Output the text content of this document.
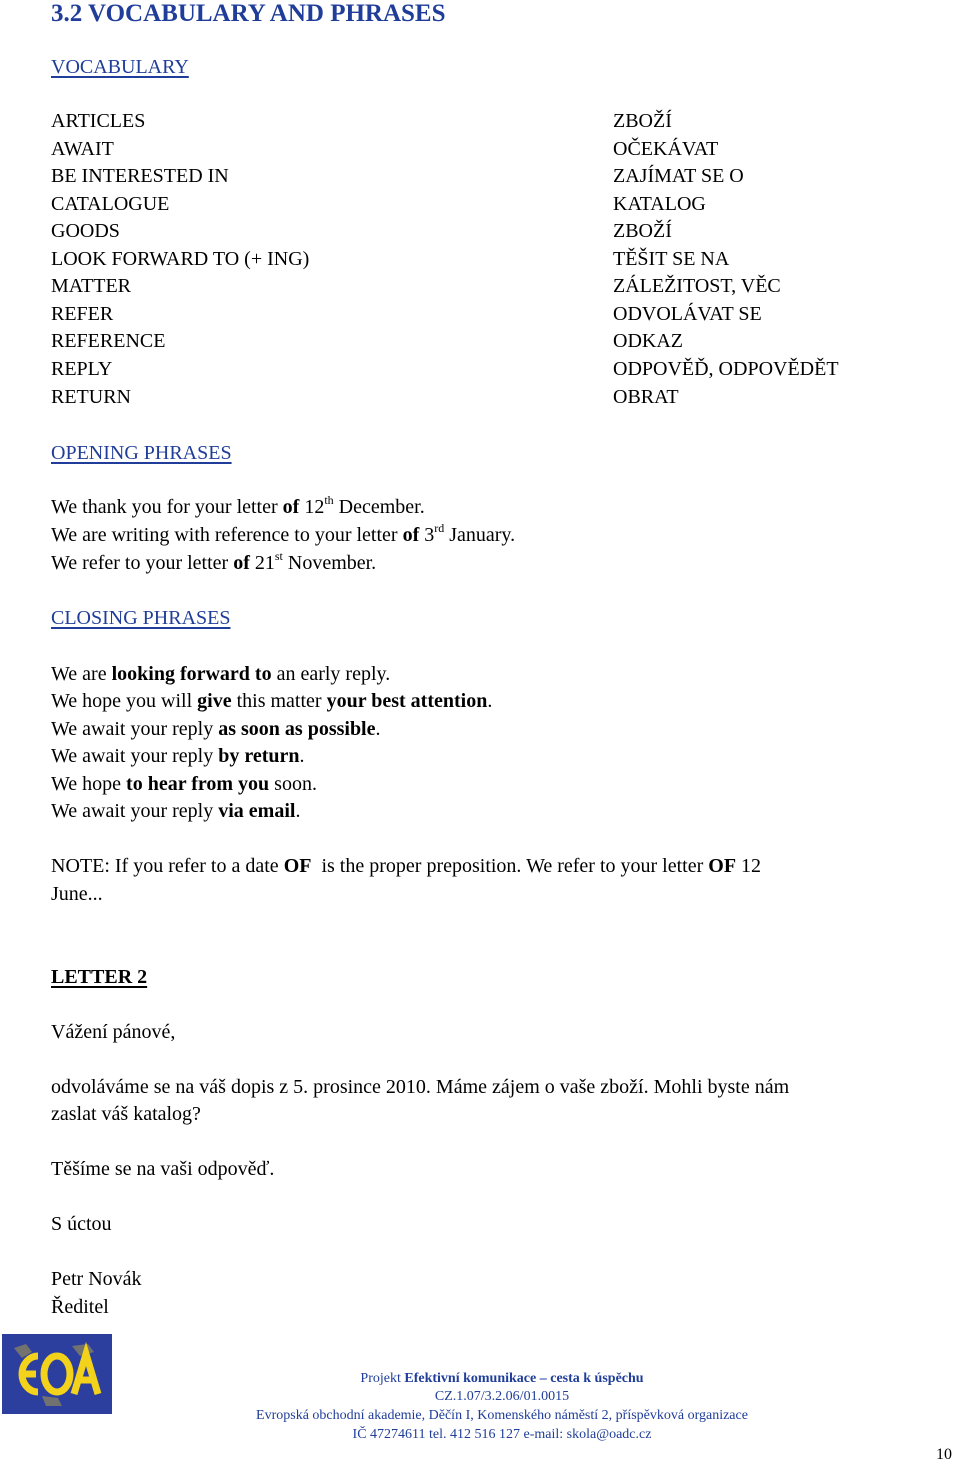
3.2 VOCABULARY AND PHRASES
VOCABULARY
ARTICLES	ZBOŽÍ
AWAIT	OČEKÁVAT
BE INTERESTED IN	ZAJÍMAT SE O
CATALOGUE	KATALOG
GOODS	ZBOŽÍ
LOOK FORWARD TO (+ ING)	TĚŠIT SE NA
MATTER	ZÁLEŽITOST, VĚC
REFER	ODVOLÁVAT SE
REFERENCE	ODKAZ
REPLY	ODPOVĚĎ, ODPOVĚDĚT
RETURN	OBRAT
OPENING PHRASES
We thank you for your letter of 12th December.
We are writing with reference to your letter of 3rd January.
We refer to your letter of 21st November.
CLOSING PHRASES
We are looking forward to an early reply.
We hope you will give this matter your best attention.
We await your reply as soon as possible.
We await your reply by return.
We hope to hear from you soon.
We await your reply via email.
NOTE: If you refer to a date OF  is the proper preposition. We refer to your letter OF 12
June...
LETTER 2
Vážení pánové,
odvoláváme se na váš dopis z 5. prosince 2010. Máme zájem o vaše zboží. Mohli byste nám
zaslat váš katalog?
Těšíme se na vaši odpověď.
S úctou
Petr Novák
Ředitel
Projekt Efektivní komunikace – cesta k úspěchu
CZ.1.07/3.2.06/01.0015
Evropská obchodní akademie, Děčín I, Komenského náměstí 2, příspěvková organizace
IČ 47274611 tel. 412 516 127 e-mail: skola@oadc.cz
10
